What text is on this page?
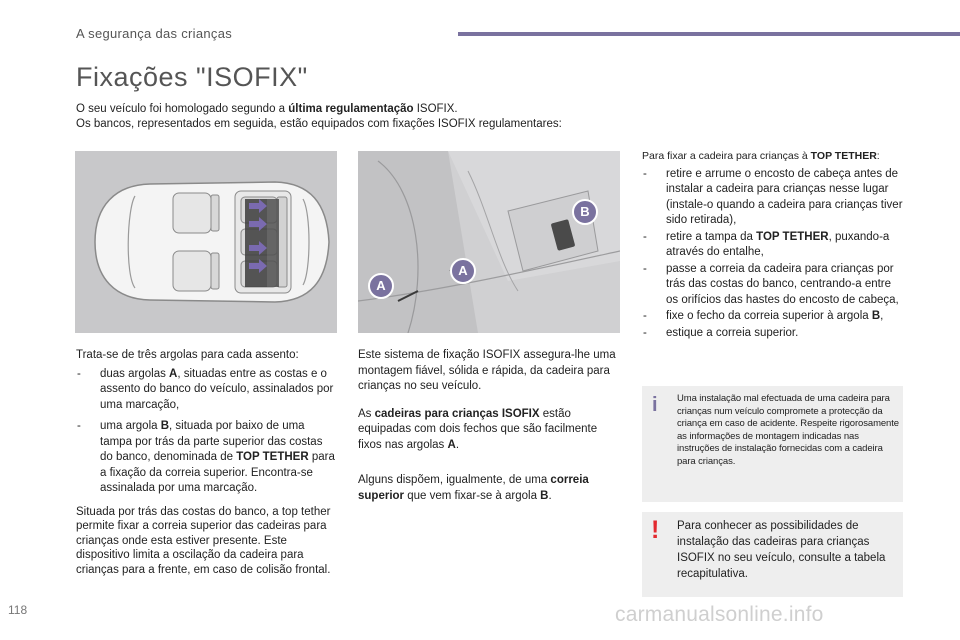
A segurança das crianças
Fixações "ISOFIX"

O seu veículo foi homologado segundo a última regulamentação ISOFIX.

Os bancos, representados em seguida, estão equipados com fixações ISOFIX regulamentares:

A
A
B

Trata-se de três argolas para cada assento:

- duas argolas A, situadas entre as costas e o assento do banco do veículo, assinalados por uma marcação,
- uma argola B, situada por baixo de uma tampa por trás da parte superior das costas do banco, denominada de TOP TETHER para a fixação da correia superior. Encontra-se assinalada por uma marcação.

Situada por trás das costas do banco, a top tether permite fixar a correia superior das cadeiras para crianças onde esta estiver presente. Este dispositivo limita a oscilação da cadeira para crianças para a frente, em caso de colisão frontal.

Este sistema de fixação ISOFIX assegura-lhe uma montagem fiável, sólida e rápida, da cadeira para crianças no seu veículo.

As cadeiras para crianças ISOFIX estão equipadas com dois fechos que são facilmente fixos nas argolas A.

Alguns dispõem, igualmente, de uma correia superior que vem fixar-se à argola B.

Para fixar a cadeira para crianças à TOP TETHER:

- retire e arrume o encosto de cabeça antes de instalar a cadeira para crianças nesse lugar (instale-o quando a cadeira para crianças tiver sido retirada),
- retire a tampa da TOP TETHER, puxando-a através do entalhe,
- passe a correia da cadeira para crianças por trás das costas do banco, centrando-a entre os orifícios das hastes do encosto de cabeça,
- fixe o fecho da correia superior à argola B,
- estique a correia superior.
i Uma instalação mal efectuada de uma cadeira para crianças num veículo compromete a protecção da criança em caso de acidente. Respeite rigorosamente as informações de montagem indicadas nas instruções de instalação fornecidas com a cadeira para crianças.
!	Para conhecer as possibilidades de instalação das cadeiras para crianças ISOFIX no seu veículo, consulte a tabela recapitulativa.
118	carmanualsonline.info
